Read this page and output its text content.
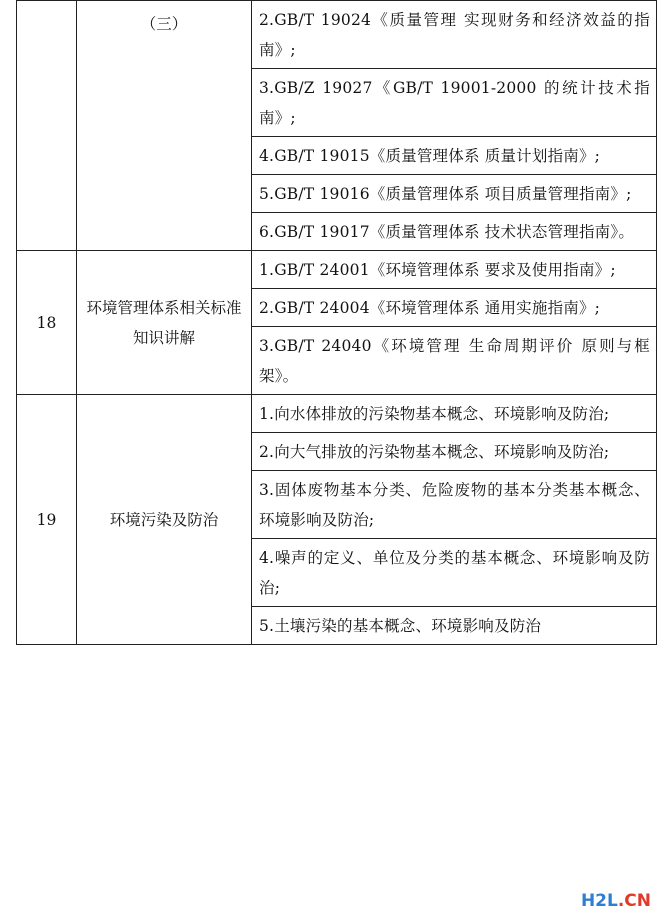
	（三）	2.GB/T 19024《质量管理 实现财务和经济效益的指南》;
		3.GB/Z 19027《GB/T 19001-2000 的统计技术指南》;
		4.GB/T 19015《质量管理体系 质量计划指南》;
		5.GB/T 19016《质量管理体系 项目质量管理指南》;
		6.GB/T 19017《质量管理体系 技术状态管理指南》。
18	环境管理体系相关标准知识讲解	1.GB/T 24001《环境管理体系 要求及使用指南》;
		2.GB/T 24004《环境管理体系 通用实施指南》;
		3.GB/T 24040《环境管理 生命周期评价 原则与框架》。
19	环境污染及防治	1.向水体排放的污染物基本概念、环境影响及防治;
		2.向大气排放的污染物基本概念、环境影响及防治;
		3.固体废物基本分类、危险废物的基本分类基本概念、环境影响及防治;
		4.噪声的定义、单位及分类的基本概念、环境影响及防治;
		5.土壤污染的基本概念、环境影响及防治
H2L.CN
